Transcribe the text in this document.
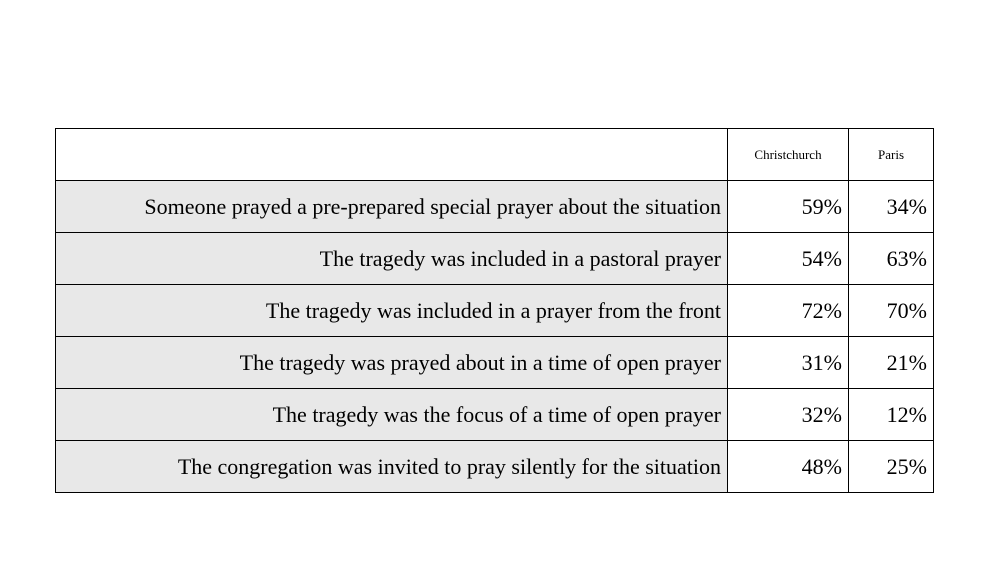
	Christchurch	Paris
Someone prayed a pre-prepared special prayer about the situation	59%	34%
The tragedy was included in a pastoral prayer	54%	63%
The tragedy was included in a prayer from the front	72%	70%
The tragedy was prayed about in a time of open prayer	31%	21%
The tragedy was the focus of a time of open prayer	32%	12%
The congregation was invited to pray silently for the situation	48%	25%
